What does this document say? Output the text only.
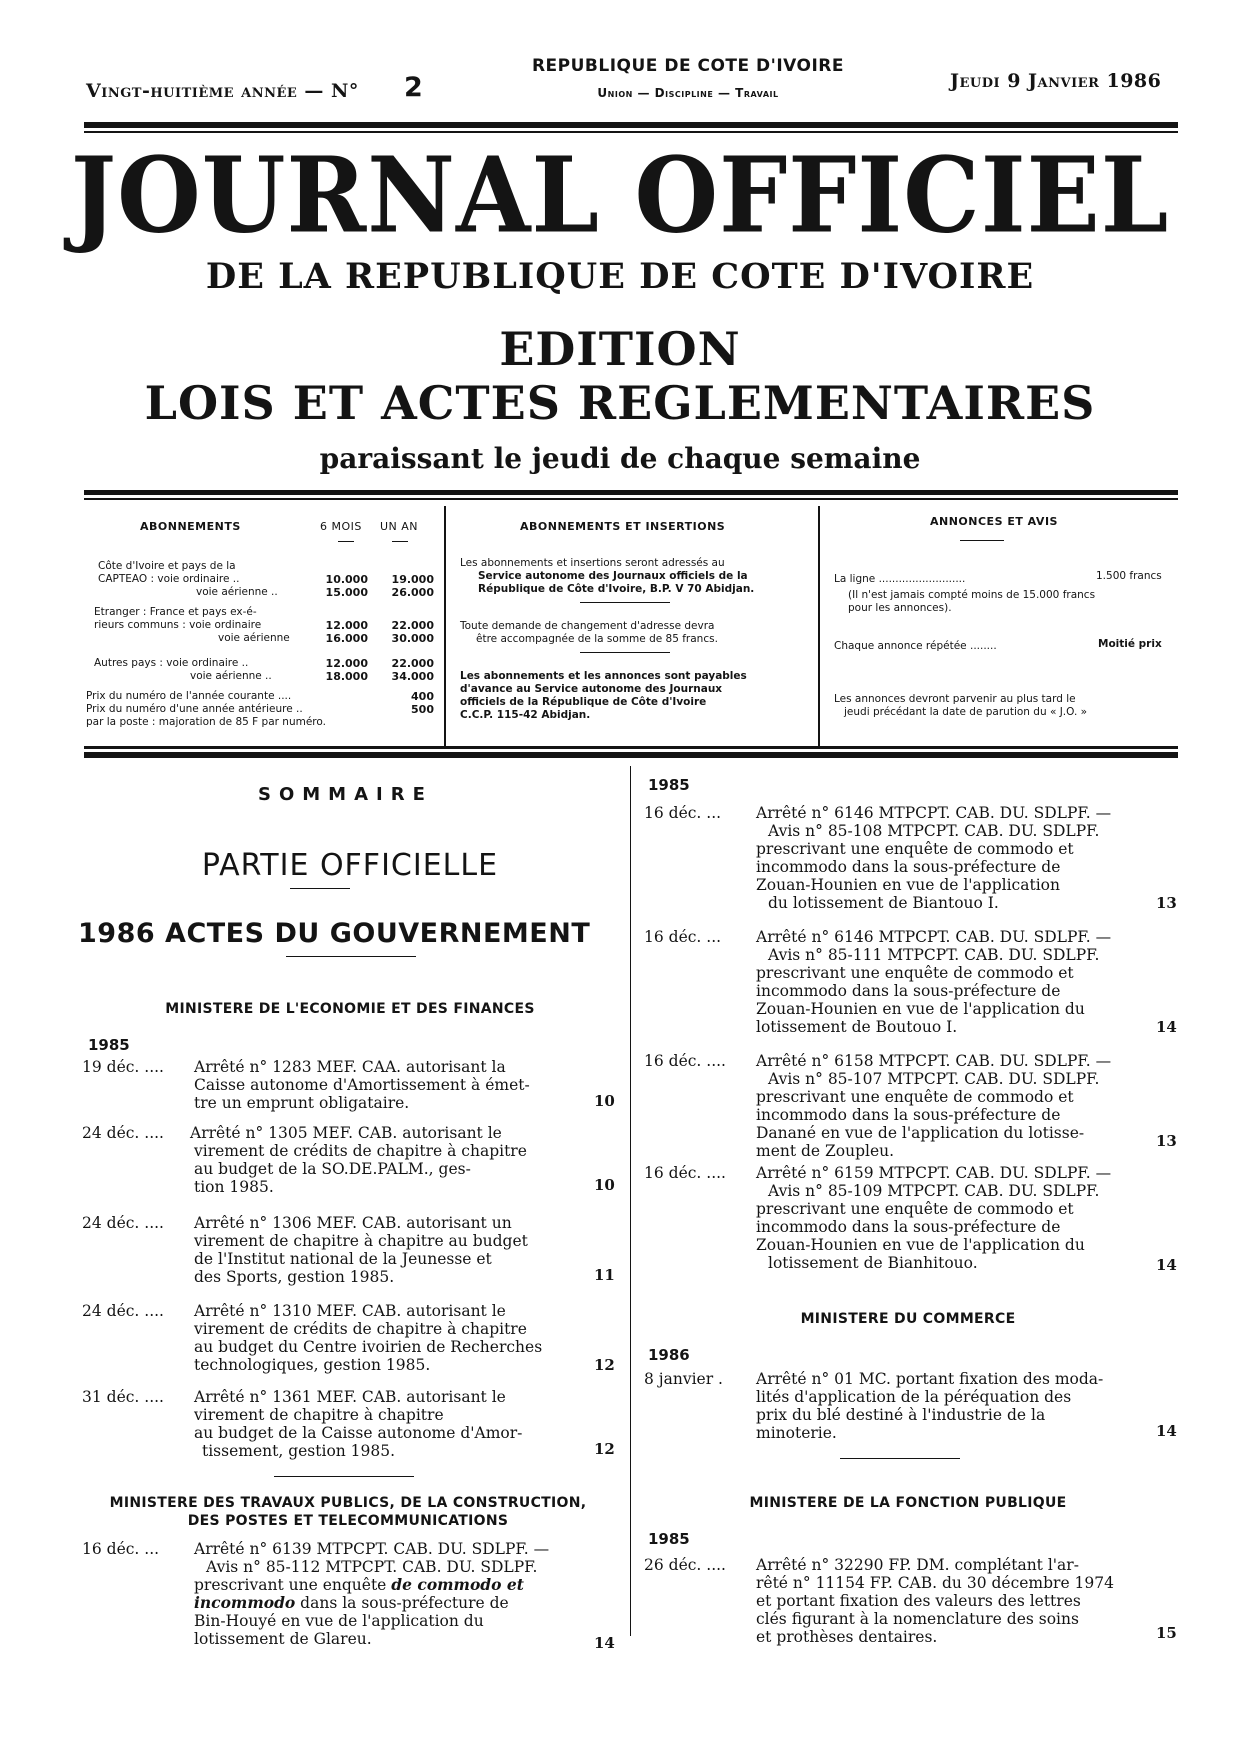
Vingt-huitième année — N° 2
REPUBLIQUE DE COTE D'IVOIRE
Union — Discipline — Travail
Jeudi 9 Janvier 1986
JOURNAL OFFICIEL
DE LA REPUBLIQUE DE COTE D'IVOIRE
EDITION
LOIS ET ACTES REGLEMENTAIRES
paraissant le jeudi de chaque semaine
ABONNEMENTS	6 MOIS UN AN
Côte d'Ivoire et pays de la
CAPTEAO : voie ordinaire ..	10.000	19.000
voie aérienne ..	15.000	26.000
Etranger : France et pays ex-é-
rieurs communs : voie ordinaire	12.000	22.000
voie aérienne	16.000	30.000
Autres pays : voie ordinaire ..	12.000	22.000
voie aérienne ..	18.000	34.000
Prix du numéro de l'année courante ....	400
Prix du numéro d'une année antérieure ..	500
par la poste : majoration de 85 F par numéro.
ABONNEMENTS ET INSERTIONS
Les abonnements et insertions seront adressés au
Service autonome des Journaux officiels de la
République de Côte d'Ivoire, B.P. V 70 Abidjan.
Toute demande de changement d'adresse devra
être accompagnée de la somme de 85 francs.
Les abonnements et les annonces sont payables
d'avance au Service autonome des Journaux
officiels de la République de Côte d'Ivoire
C.C.P. 115-42 Abidjan.
ANNONCES ET AVIS
La ligne ..........................	1.500 francs
(Il n'est jamais compté moins de 15.000 francs
pour les annonces).
Chaque annonce répétée ........	Moitié prix
Les annonces devront parvenir au plus tard le
jeudi précédant la date de parution du « J.O. »
SOMMAIRE
PARTIE OFFICIELLE
1986 ACTES DU GOUVERNEMENT
MINISTERE DE L'ECONOMIE ET DES FINANCES
1985
19 déc. .... Arrêté n° 1283 MEF. CAA. autorisant la
Caisse autonome d'Amortissement à émet-
tre un emprunt obligataire.	10
24 déc. .... Arrêté n° 1305 MEF. CAB. autorisant le
virement de crédits de chapitre à chapitre
au budget de la SO.DE.PALM., ges-
tion 1985.	10
24 déc. .... Arrêté n° 1306 MEF. CAB. autorisant un
virement de chapitre à chapitre au budget
de l'Institut national de la Jeunesse et
des Sports, gestion 1985.	11
24 déc. .... Arrêté n° 1310 MEF. CAB. autorisant le
virement de crédits de chapitre à chapitre
au budget du Centre ivoirien de Recherches
technologiques, gestion 1985.	12
31 déc. .... Arrêté n° 1361 MEF. CAB. autorisant le
virement de chapitre à chapitre
au budget de la Caisse autonome d'Amor-
tissement, gestion 1985.	12
MINISTERE DES TRAVAUX PUBLICS, DE LA CONSTRUCTION,
DES POSTES ET TELECOMMUNICATIONS
16 déc. ... Arrêté n° 6139 MTPCPT. CAB. DU. SDLPF. —
Avis n° 85-112 MTPCPT. CAB. DU. SDLPF.
prescrivant une enquête de commodo et
incommodo dans la sous-préfecture de
Bin-Houyé en vue de l'application du
lotissement de Glareu.	14
1985
16 déc. ... Arrêté n° 6146 MTPCPT. CAB. DU. SDLPF. —
Avis n° 85-108 MTPCPT. CAB. DU. SDLPF.
prescrivant une enquête de commodo et
incommodo dans la sous-préfecture de
Zouan-Hounien en vue de l'application
du lotissement de Biantouo I.	13
16 déc. ... Arrêté n° 6146 MTPCPT. CAB. DU. SDLPF. —
Avis n° 85-111 MTPCPT. CAB. DU. SDLPF.
prescrivant une enquête de commodo et
incommodo dans la sous-préfecture de
Zouan-Hounien en vue de l'application du
lotissement de Boutouo I.	14
16 déc. .... Arrêté n° 6158 MTPCPT. CAB. DU. SDLPF. —
Avis n° 85-107 MTPCPT. CAB. DU. SDLPF.
prescrivant une enquête de commodo et
incommodo dans la sous-préfecture de
Danané en vue de l'application du lotisse-
ment de Zoupleu.
13
16 déc. .... Arrêté n° 6159 MTPCPT. CAB. DU. SDLPF. —
Avis n° 85-109 MTPCPT. CAB. DU. SDLPF.
prescrivant une enquête de commodo et
incommodo dans la sous-préfecture de
Zouan-Hounien en vue de l'application du
lotissement de Bianhitouo.	14
MINISTERE DU COMMERCE
1986
8 janvier . Arrêté n° 01 MC. portant fixation des moda-
lités d'application de la péréquation des
prix du blé destiné à l'industrie de la
minoterie.	14
MINISTERE DE LA FONCTION PUBLIQUE
1985
26 déc. .... Arrêté n° 32290 FP. DM. complétant l'ar-
rêté n° 11154 FP. CAB. du 30 décembre 1974
et portant fixation des valeurs des lettres
clés figurant à la nomenclature des soins
et prothèses dentaires.	15
